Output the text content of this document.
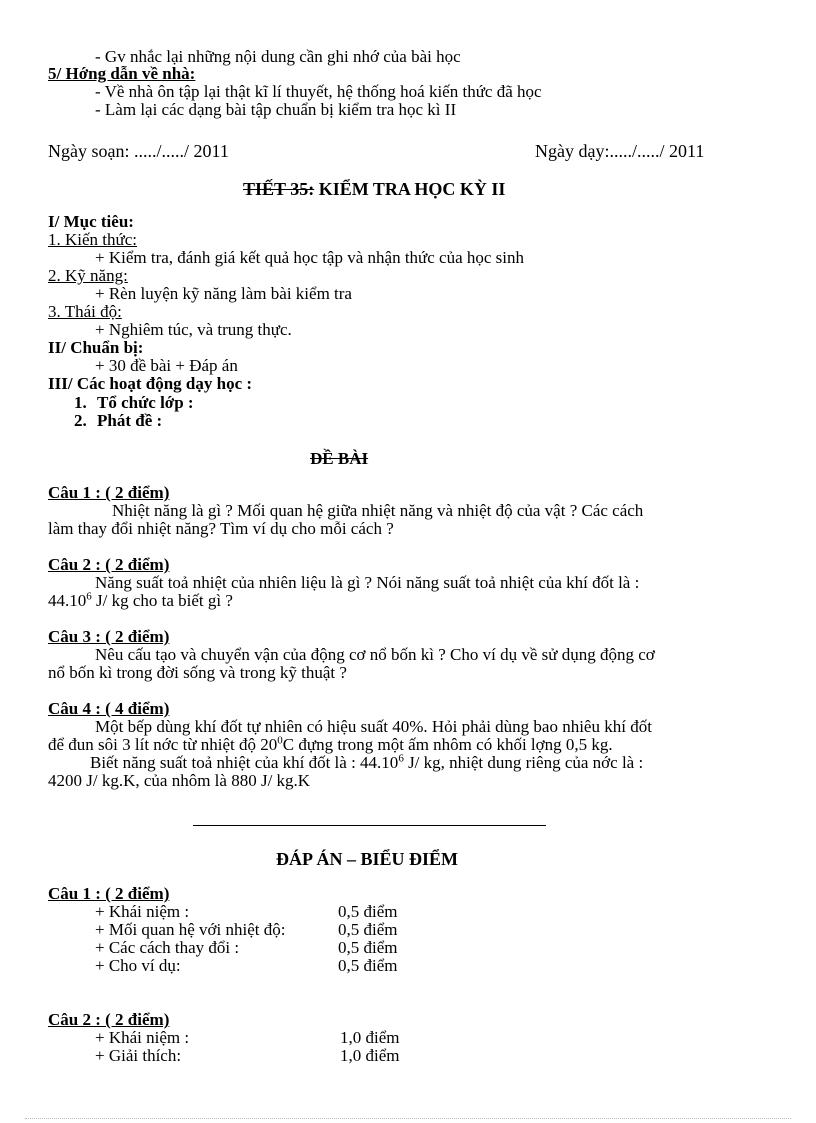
- Gv nhắc lại những nội dung cần ghi nhớ của bài học
5/ Hớng dẫn về nhà:
- Về nhà ôn tập lại thật kĩ lí thuyết, hệ thống hoá kiến thức đã học
- Làm lại các dạng bài tập chuẩn bị kiểm tra học kì II
Ngày soạn: ...../...../ 2011	Ngày dạy:...../...../ 2011
TIẾT 35: KIỂM TRA HỌC KỲ II
I/ Mục tiêu:
1. Kiến thức:
+ Kiểm tra, đánh giá kết quả học tập và nhận thức của học sinh
2. Kỹ năng:
+ Rèn luyện kỹ năng làm bài kiểm tra
3. Thái độ:
+ Nghiêm túc, và trung thực.
II/ Chuẩn bị:
+ 30 đề bài + Đáp án
III/ Các hoạt động dạy học :
1. Tổ chức lớp :
2. Phát đề :
ĐỀ BÀI
Câu 1 : ( 2 điểm)
Nhiệt năng là gì ? Mối quan hệ giữa nhiệt năng và nhiệt độ của vật ? Các cách
làm thay đổi nhiệt năng? Tìm ví dụ cho mỗi cách ?
Câu 2 : ( 2 điểm)
Năng suất toả nhiệt của nhiên liệu là gì ? Nói năng suất toả nhiệt của khí đốt là :
44.10$^6$ J/ kg cho ta biết gì ?
Câu 3 : ( 2 điểm)
Nêu cấu tạo và chuyển vận của động cơ nổ bốn kì ? Cho ví dụ về sử dụng động cơ
nổ bốn kì trong đời sống và trong kỹ thuật ?
Câu 4 : ( 4 điểm)
Một bếp dùng khí đốt tự nhiên có hiệu suất 40%. Hỏi phải dùng bao nhiêu khí đốt
để đun sôi 3 lít nớc từ nhiệt độ $20^0C$ đựng trong một ấm nhôm có khối lợng 0,5 kg.
Biết năng suất toả nhiệt của khí đốt là : 44.10$^6$ J/ kg, nhiệt dung riêng của nớc là :
4200 J/ kg.K, của nhôm là 880 J/ kg.K
ĐÁP ÁN – BIỂU ĐIỂM
Câu 1 : ( 2 điểm)
+ Khái niệm :	0,5 điểm
+ Mối quan hệ với nhiệt độ:	0,5 điểm
+ Các cách thay đổi :	0,5 điểm
+ Cho ví dụ:	0,5 điểm
Câu 2 : ( 2 điểm)
+ Khái niệm :	1,0 điểm
+ Giải thích:	1,0 điểm
